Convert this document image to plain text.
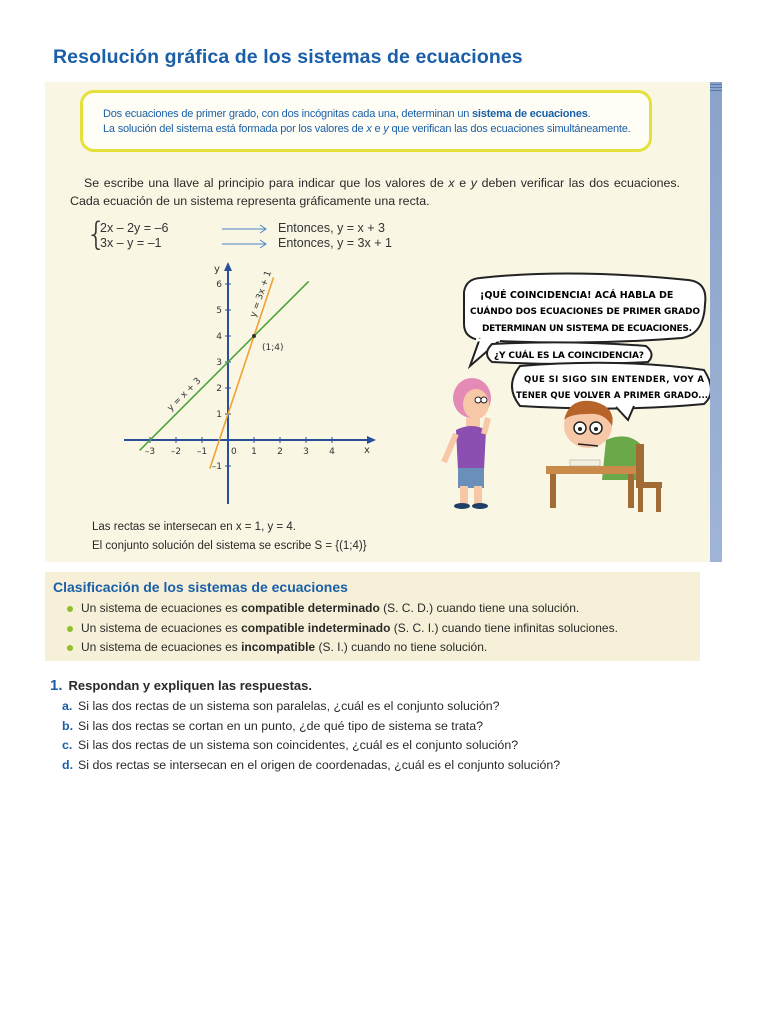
Resolución gráfica de los sistemas de ecuaciones
Dos ecuaciones de primer grado, con dos incógnitas cada una, determinan un sistema de ecuaciones.
La solución del sistema está formada por los valores de x e y que verifican las dos ecuaciones simultáneamente.

Se escribe una llave al principio para indicar que los valores de x e y deben verificar las dos ecuaciones. Cada ecuación de un sistema representa gráficamente una recta.

{
2x – 2y = –6
3x – y = –1
Entonces, y = x + 3
Entonces, y = 3x + 1
x
y
0
–3 –2 –1	1 2 3 4
6
5
4
3
2
1
–1
(1;4)
y = x + 3
y = 3x + 1
Las rectas se intersecan en x = 1, y = 4.
El conjunto solución del sistema se escribe S = {(1;4)}
¡QUÉ COINCIDENCIA! ACÁ HABLA DE
CUÁNDO DOS ECUACIONES DE PRIMER GRADO
DETERMINAN UN SISTEMA DE ECUACIONES.
¿Y CUÁL ES LA COINCIDENCIA?
QUE SI SIGO SIN ENTENDER, VOY A
TENER QUE VOLVER A PRIMER GRADO...
Clasificación de los sistemas de ecuaciones
Un sistema de ecuaciones es compatible determinado (S. C. D.) cuando tiene una solución.
Un sistema de ecuaciones es compatible indeterminado (S. C. I.) cuando tiene infinitas soluciones.
Un sistema de ecuaciones es incompatible (S. I.) cuando no tiene solución.
1. Respondan y expliquen las respuestas.
a. Si las dos rectas de un sistema son paralelas, ¿cuál es el conjunto solución?
b. Si las dos rectas se cortan en un punto, ¿de qué tipo de sistema se trata?
c. Si las dos rectas de un sistema son coincidentes, ¿cuál es el conjunto solución?
d. Si dos rectas se intersecan en el origen de coordenadas, ¿cuál es el conjunto solución?
